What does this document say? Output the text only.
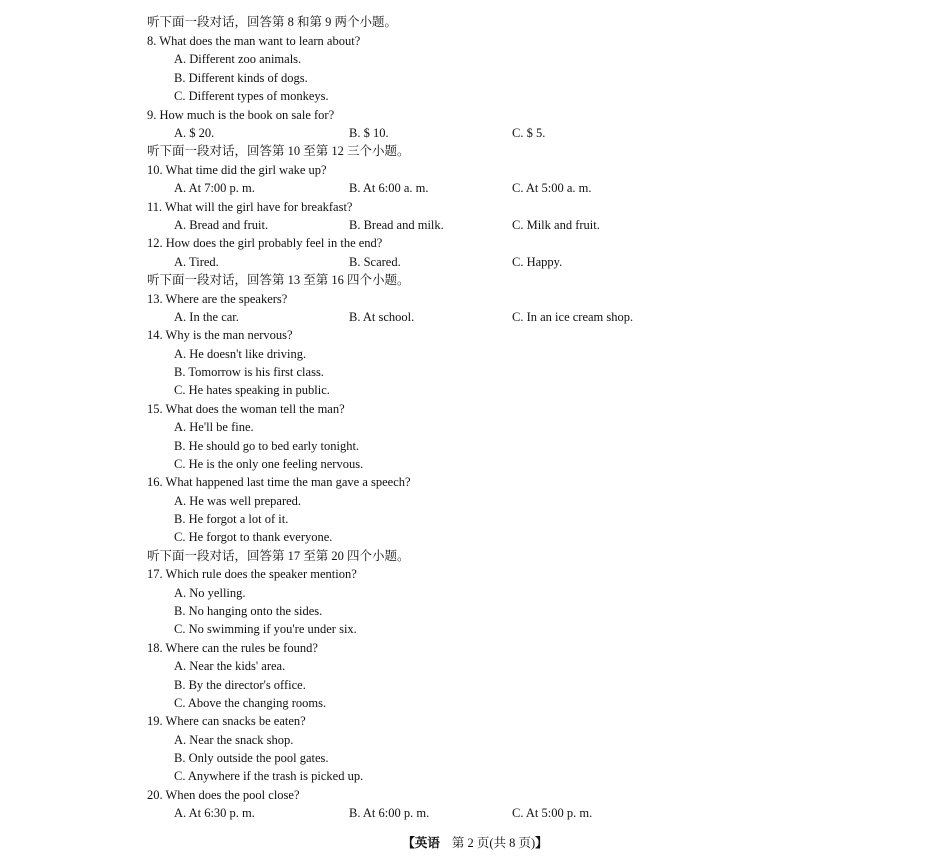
听下面一段对话，回答第 8 和第 9 两个小题。
8. What does the man want to learn about?
A. Different zoo animals.
B. Different kinds of dogs.
C. Different types of monkeys.
9. How much is the book on sale for?
A. $ 20.	B. $ 10.	C. $ 5.
听下面一段对话，回答第 10 至第 12 三个小题。
10. What time did the girl wake up?
A. At 7:00 p. m.	B. At 6:00 a. m.	C. At 5:00 a. m.
11. What will the girl have for breakfast?
A. Bread and fruit.	B. Bread and milk.	C. Milk and fruit.
12. How does the girl probably feel in the end?
A. Tired.	B. Scared.	C. Happy.
听下面一段对话，回答第 13 至第 16 四个小题。
13. Where are the speakers?
A. In the car.	B. At school.	C. In an ice cream shop.
14. Why is the man nervous?
A. He doesn't like driving.
B. Tomorrow is his first class.
C. He hates speaking in public.
15. What does the woman tell the man?
A. He'll be fine.
B. He should go to bed early tonight.
C. He is the only one feeling nervous.
16. What happened last time the man gave a speech?
A. He was well prepared.
B. He forgot a lot of it.
C. He forgot to thank everyone.
听下面一段对话，回答第 17 至第 20 四个小题。
17. Which rule does the speaker mention?
A. No yelling.
B. No hanging onto the sides.
C. No swimming if you're under six.
18. Where can the rules be found?
A. Near the kids' area.
B. By the director's office.
C. Above the changing rooms.
19. Where can snacks be eaten?
A. Near the snack shop.
B. Only outside the pool gates.
C. Anywhere if the trash is picked up.
20. When does the pool close?
A. At 6:30 p. m.	B. At 6:00 p. m.	C. At 5:00 p. m.
【英语 第 2 页(共 8 页)】
